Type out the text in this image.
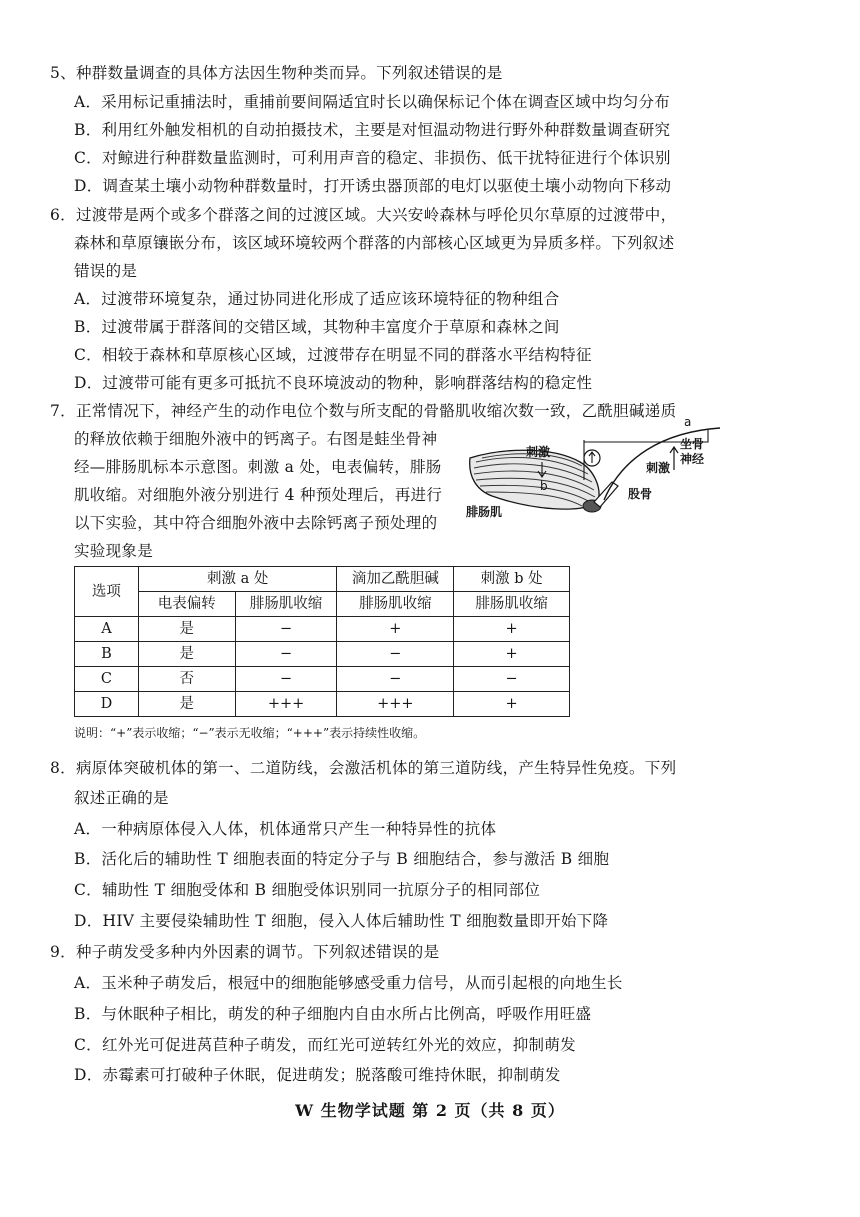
5、种群数量调查的具体方法因生物种类而异。下列叙述错误的是
A．采用标记重捕法时，重捕前要间隔适宜时长以确保标记个体在调查区域中均匀分布
B．利用红外触发相机的自动拍摄技术，主要是对恒温动物进行野外种群数量调查研究
C．对鲸进行种群数量监测时，可利用声音的稳定、非损伤、低干扰特征进行个体识别
D．调查某土壤小动物种群数量时，打开诱虫器顶部的电灯以驱使土壤小动物向下移动
6．过渡带是两个或多个群落之间的过渡区域。大兴安岭森林与呼伦贝尔草原的过渡带中，
森林和草原镶嵌分布，该区域环境较两个群落的内部核心区域更为异质多样。下列叙述
错误的是
A．过渡带环境复杂，通过协同进化形成了适应该环境特征的物种组合
B．过渡带属于群落间的交错区域，其物种丰富度介于草原和森林之间
C．相较于森林和草原核心区域，过渡带存在明显不同的群落水平结构特征
D．过渡带可能有更多可抵抗不良环境波动的物种，影响群落结构的稳定性
7．正常情况下，神经产生的动作电位个数与所支配的骨骼肌收缩次数一致，乙酰胆碱递质
的释放依赖于细胞外液中的钙离子。右图是蛙坐骨神
经—腓肠肌标本示意图。刺激 a 处，电表偏转，腓肠
肌收缩。对细胞外液分别进行 4 种预处理后，再进行
以下实验，其中符合细胞外液中去除钙离子预处理的
实验现象是
a
坐骨
神经
刺激
刺激
b
股骨
腓肠肌
选项	刺激 a 处		滴加乙酰胆碱	刺激 b 处
	电表偏转	腓肠肌收缩	腓肠肌收缩	腓肠肌收缩
A	是	−	+	+
B	是	−	−	+
C	否	−	−	−
D	是	+++	+++	+
说明：“+”表示收缩；“−”表示无收缩；“+++”表示持续性收缩。
8．病原体突破机体的第一、二道防线，会激活机体的第三道防线，产生特异性免疫。下列
叙述正确的是
A．一种病原体侵入人体，机体通常只产生一种特异性的抗体
B．活化后的辅助性 T 细胞表面的特定分子与 B 细胞结合，参与激活 B 细胞
C．辅助性 T 细胞受体和 B 细胞受体识别同一抗原分子的相同部位
D．HIV 主要侵染辅助性 T 细胞，侵入人体后辅助性 T 细胞数量即开始下降
9．种子萌发受多种内外因素的调节。下列叙述错误的是
A．玉米种子萌发后，根冠中的细胞能够感受重力信号，从而引起根的向地生长
B．与休眠种子相比，萌发的种子细胞内自由水所占比例高，呼吸作用旺盛
C．红外光可促进莴苣种子萌发，而红光可逆转红外光的效应，抑制萌发
D．赤霉素可打破种子休眠，促进萌发；脱落酸可维持休眠，抑制萌发
W 生物学试题 第 2 页（共 8 页）
